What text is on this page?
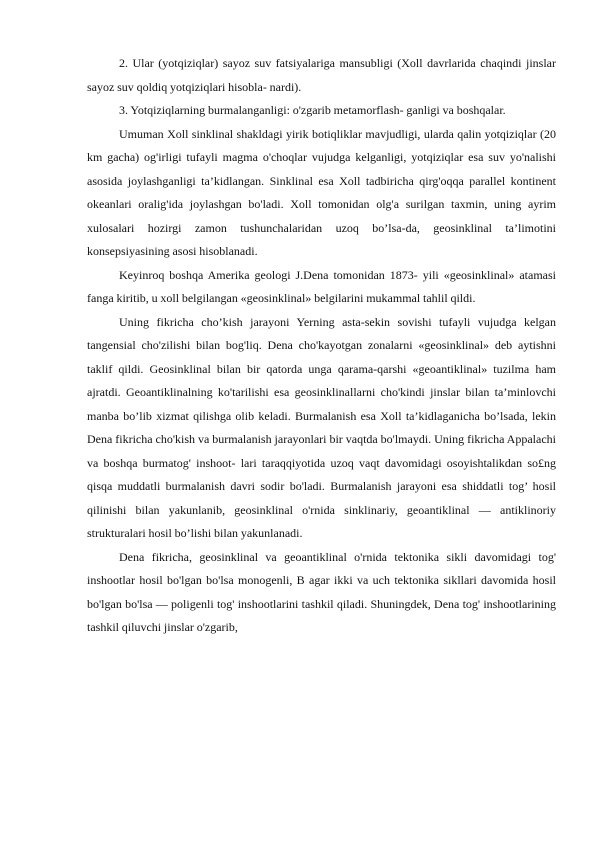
2. Ular (yotqiziqlar) sayoz suv fatsiyalariga mansubligi (Xoll davrlarida chaqindi jinslar sayoz suv qoldiq yotqiziqlari hisobla- nardi).

3. Yotqiziqlarning burmalanganligi: o'zgarib metamorflash- ganligi va boshqalar.

Umuman Xoll sinklinal shakldagi yirik botiqliklar mavjudligi, ularda qalin yotqiziqlar (20 km gacha) og'irligi tufayli magma o'choqlar vujudga kelganligi, yotqiziqlar esa suv yo'nalishi asosida joylashganligi ta’kidlangan. Sinklinal esa Xoll tadbiricha qirg'oqqa parallel kontinent okeanlari oralig'ida joylashgan bo'ladi. Xoll tomonidan olg'a surilgan taxmin, uning ayrim xulosalari hozirgi zamon tushunchalaridan uzoq bo’lsa-da, geosinklinal ta’limotini konsepsiyasining asosi hisoblanadi.

Keyinroq boshqa Amerika geologi J.Dena tomonidan 1873- yili «geosinklinal» atamasi fanga kiritib, u xoll belgilangan «geosinklinal» belgilarini mukammal tahlil qildi.

Uning fikricha cho’kish jarayoni Yerning asta-sekin sovishi tufayli vujudga kelgan tangensial cho'zilishi bilan bog'liq. Dena cho'kayotgan zonalarni «geosinklinal» deb aytishni taklif qildi. Geosinklinal bilan bir qatorda unga qarama-qarshi «geoantiklinal» tuzilma ham ajratdi. Geoantiklinalning ko'tarilishi esa geosinklinallarni cho'kindi jinslar bilan ta’minlovchi manba bo’lib xizmat qilishga olib keladi. Burmalanish esa Xoll ta’kidlaganicha bo’lsada, lekin Dena fikricha cho'kish va burmalanish jarayonlari bir vaqtda bo'lmaydi. Uning fikricha Appalachi va boshqa burmatog' inshoot- lari taraqqiyotida uzoq vaqt davomidagi osoyishtalikdan so£ng qisqa muddatli burmalanish davri sodir bo'ladi. Burmalanish jarayoni esa shiddatli tog’ hosil qilinishi bilan yakunlanib, geosinklinal o'rnida sinklinariy, geoantiklinal — antiklinoriy strukturalari hosil bo’lishi bilan yakunlanadi.

Dena fikricha, geosinklinal va geoantiklinal o'rnida tektonika sikli davomidagi tog' inshootlar hosil bo'lgan bo'lsa monogenli, B agar ikki va uch tektonika sikllari davomida hosil bo'lgan bo'lsa — poligenli tog' inshootlarini tashkil qiladi. Shuningdek, Dena tog' inshootlarining tashkil qiluvchi jinslar o'zgarib,
